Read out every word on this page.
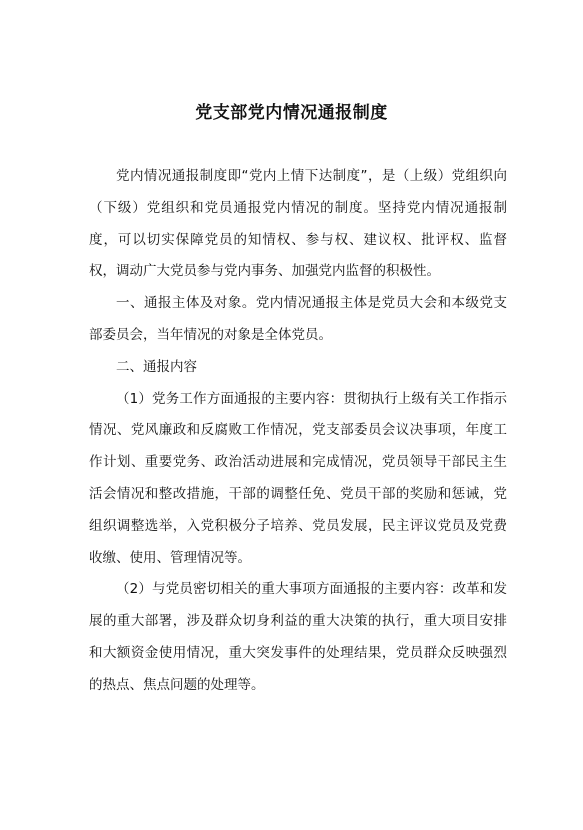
党支部党内情况通报制度

党内情况通报制度即“党内上情下达制度”，是（上级）党组织向（下级）党组织和党员通报党内情况的制度。坚持党内情况通报制度，可以切实保障党员的知情权、参与权、建议权、批评权、监督权，调动广大党员参与党内事务、加强党内监督的积极性。

一、通报主体及对象。党内情况通报主体是党员大会和本级党支部委员会，当年情况的对象是全体党员。

二、通报内容

（1）党务工作方面通报的主要内容：贯彻执行上级有关工作指示情况、党风廉政和反腐败工作情况，党支部委员会议决事项，年度工作计划、重要党务、政治活动进展和完成情况，党员领导干部民主生活会情况和整改措施，干部的调整任免、党员干部的奖励和惩诫，党组织调整选举，入党积极分子培养、党员发展，民主评议党员及党费收缴、使用、管理情况等。

（2）与党员密切相关的重大事项方面通报的主要内容：改革和发展的重大部署，涉及群众切身利益的重大决策的执行，重大项目安排和大额资金使用情况，重大突发事件的处理结果，党员群众反映强烈的热点、焦点问题的处理等。
